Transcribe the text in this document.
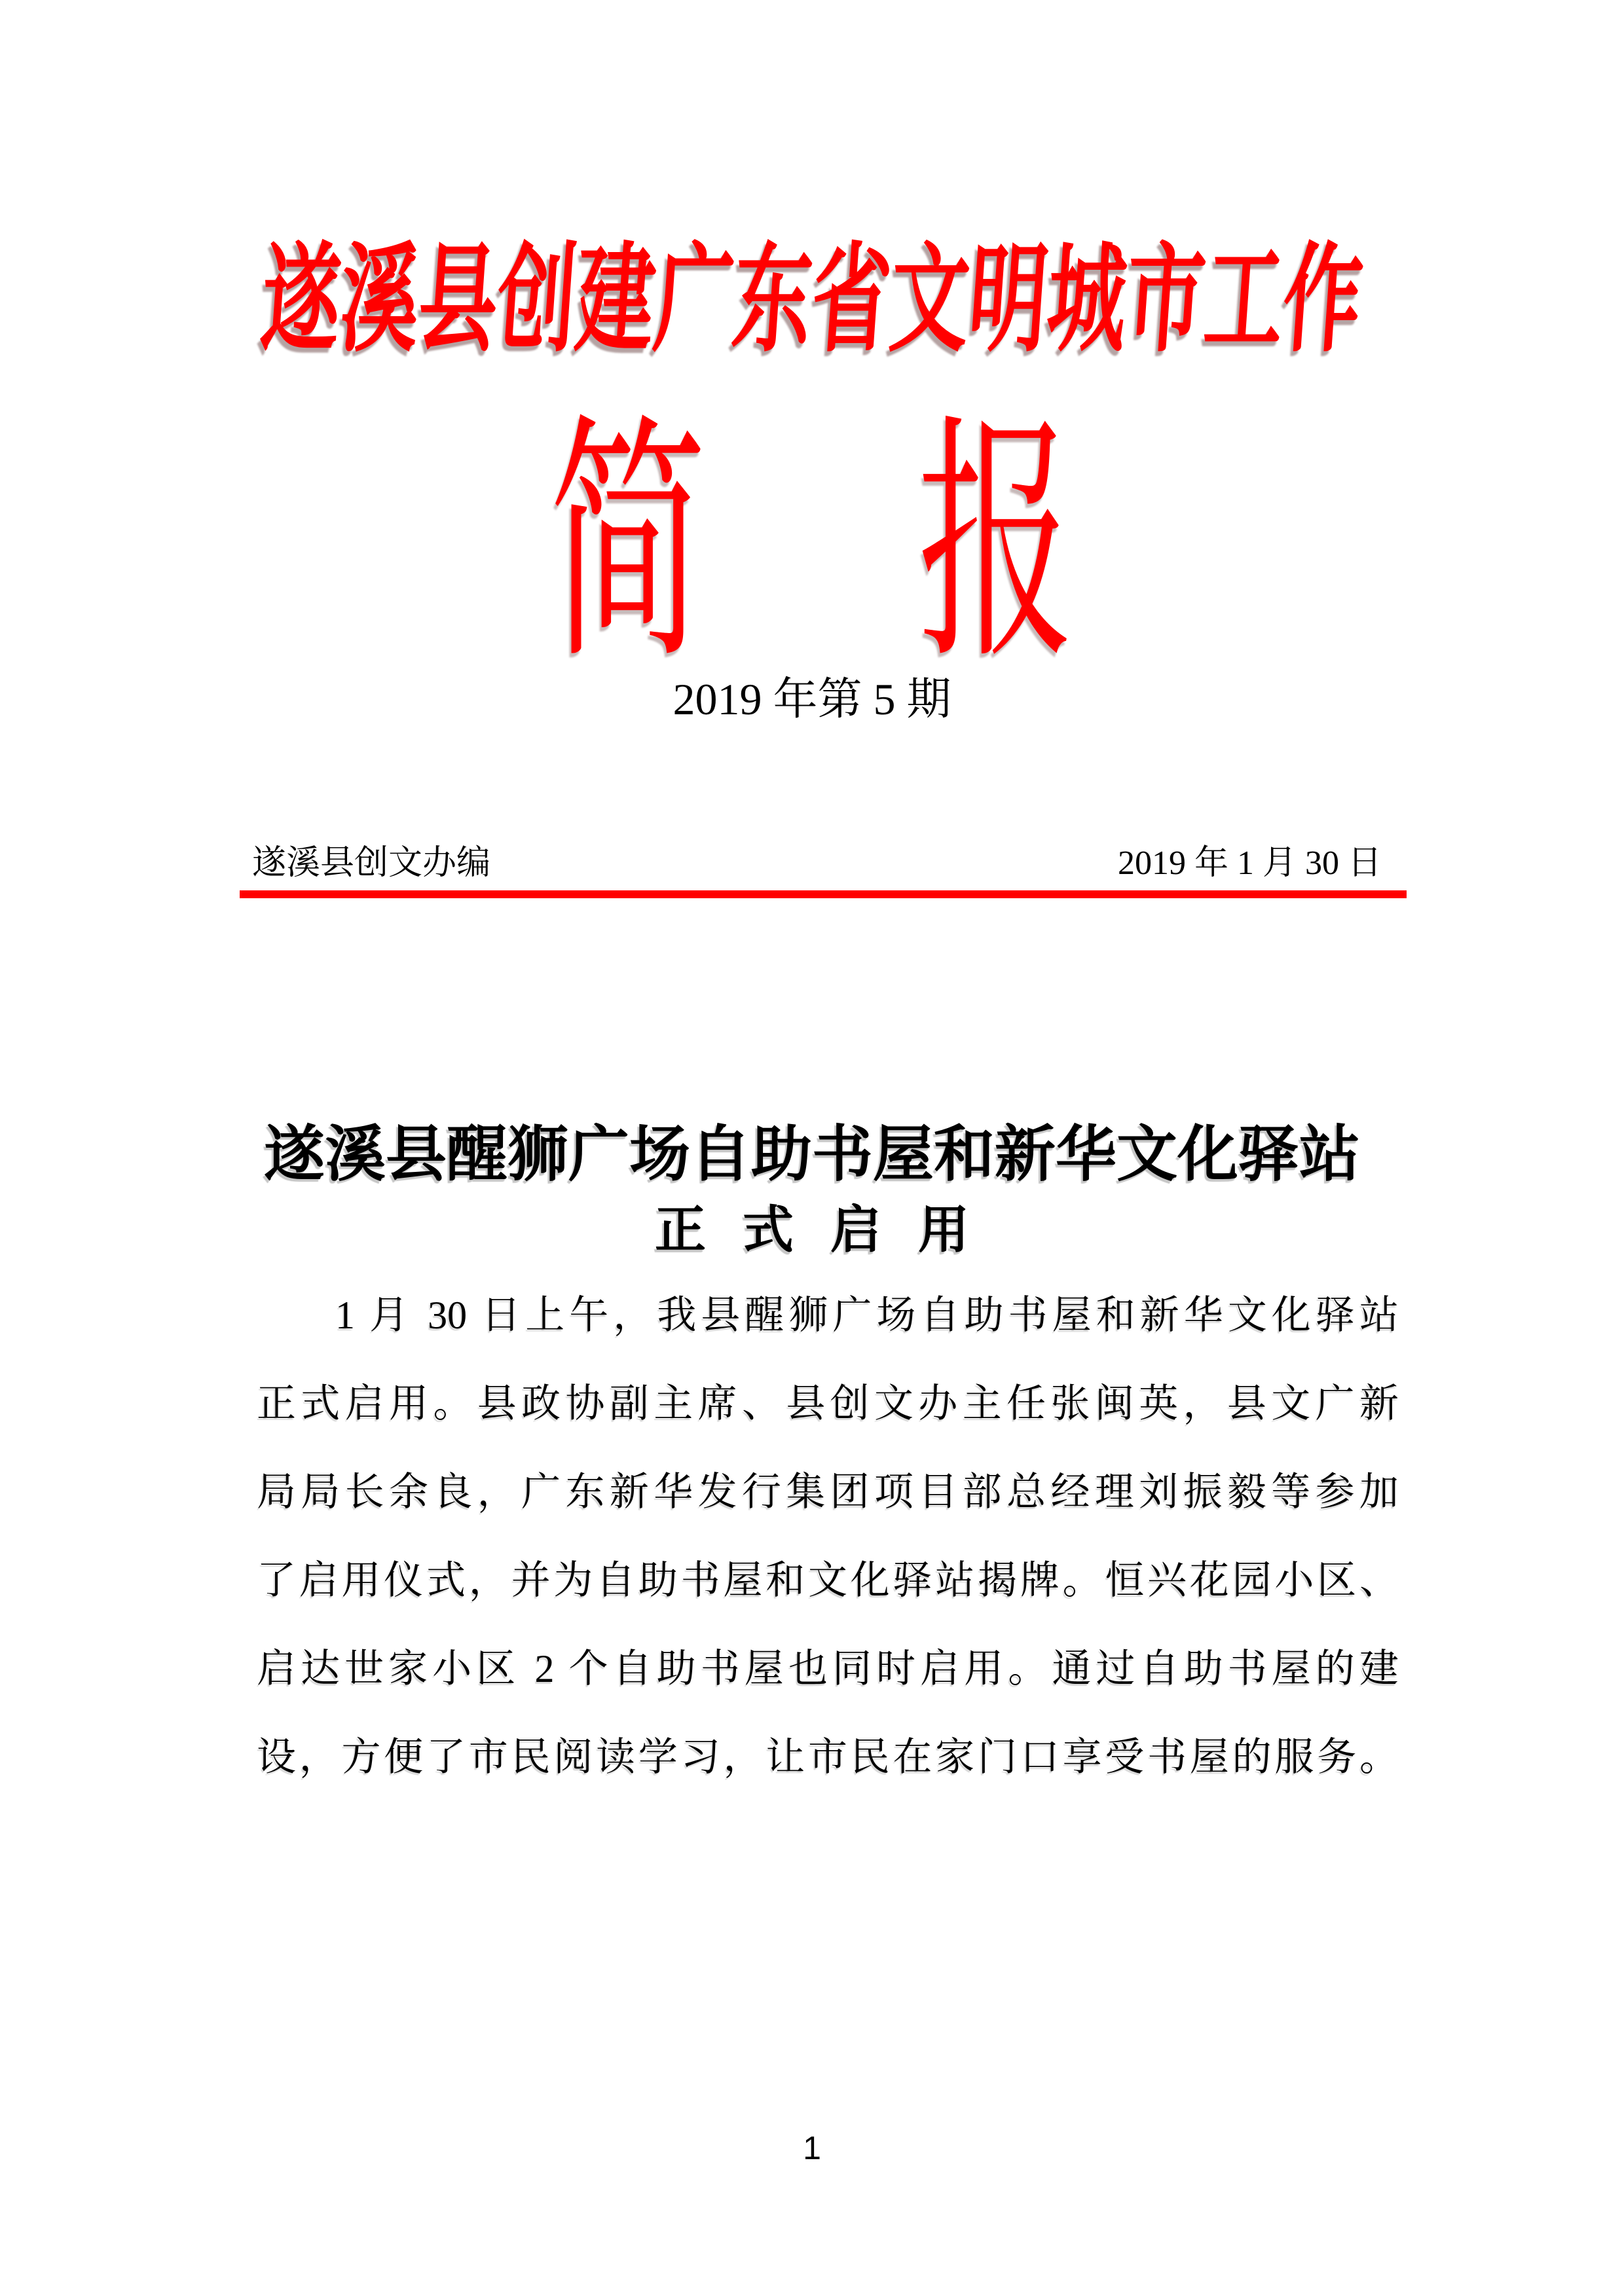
遂溪县创建广东省文明城市工作
简 报
2019 年第 5 期
遂溪县创文办编	2019 年 1 月 30 日
遂溪县醒狮广场自助书屋和新华文化驿站
正式启用
1 月 30 日上午，我县醒狮广场自助书屋和新华文化驿站
正式启用。县政协副主席、县创文办主任张闽英，县文广新
局局长余良，广东新华发行集团项目部总经理刘振毅等参加
了启用仪式，并为自助书屋和文化驿站揭牌。恒兴花园小区、
启达世家小区 2 个自助书屋也同时启用。通过自助书屋的建
设，方便了市民阅读学习，让市民在家门口享受书屋的服务。
1
